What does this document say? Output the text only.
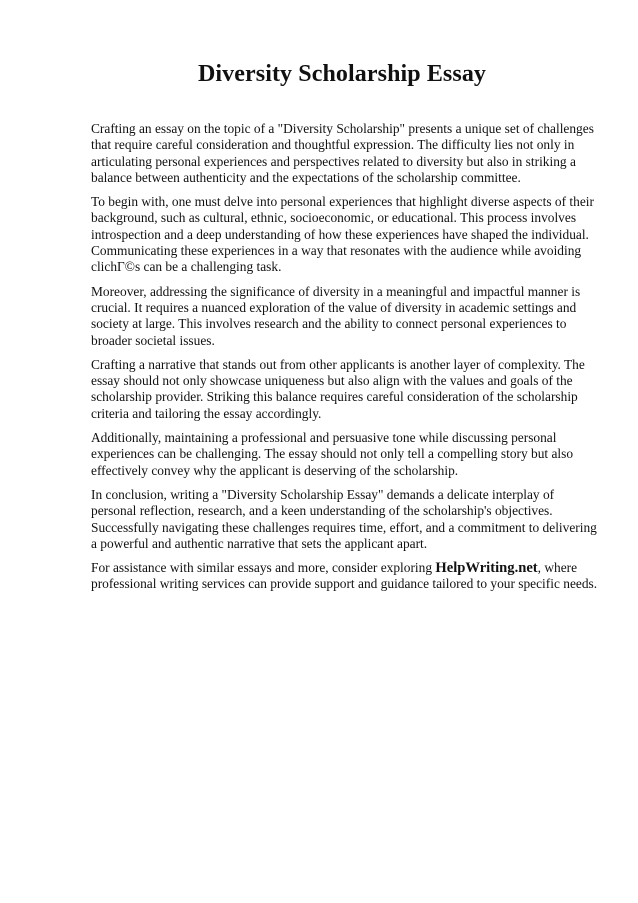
Diversity Scholarship Essay

Crafting an essay on the topic of a "Diversity Scholarship" presents a unique set of challenges that require careful consideration and thoughtful expression. The difficulty lies not only in articulating personal experiences and perspectives related to diversity but also in striking a balance between authenticity and the expectations of the scholarship committee.

To begin with, one must delve into personal experiences that highlight diverse aspects of their background, such as cultural, ethnic, socioeconomic, or educational. This process involves introspection and a deep understanding of how these experiences have shaped the individual. Communicating these experiences in a way that resonates with the audience while avoiding clichГ©s can be a challenging task.

Moreover, addressing the significance of diversity in a meaningful and impactful manner is crucial. It requires a nuanced exploration of the value of diversity in academic settings and society at large. This involves research and the ability to connect personal experiences to broader societal issues.

Crafting a narrative that stands out from other applicants is another layer of complexity. The essay should not only showcase uniqueness but also align with the values and goals of the scholarship provider. Striking this balance requires careful consideration of the scholarship criteria and tailoring the essay accordingly.

Additionally, maintaining a professional and persuasive tone while discussing personal experiences can be challenging. The essay should not only tell a compelling story but also effectively convey why the applicant is deserving of the scholarship.

In conclusion, writing a "Diversity Scholarship Essay" demands a delicate interplay of personal reflection, research, and a keen understanding of the scholarship's objectives. Successfully navigating these challenges requires time, effort, and a commitment to delivering a powerful and authentic narrative that sets the applicant apart.

For assistance with similar essays and more, consider exploring HelpWriting.net, where professional writing services can provide support and guidance tailored to your specific needs.
